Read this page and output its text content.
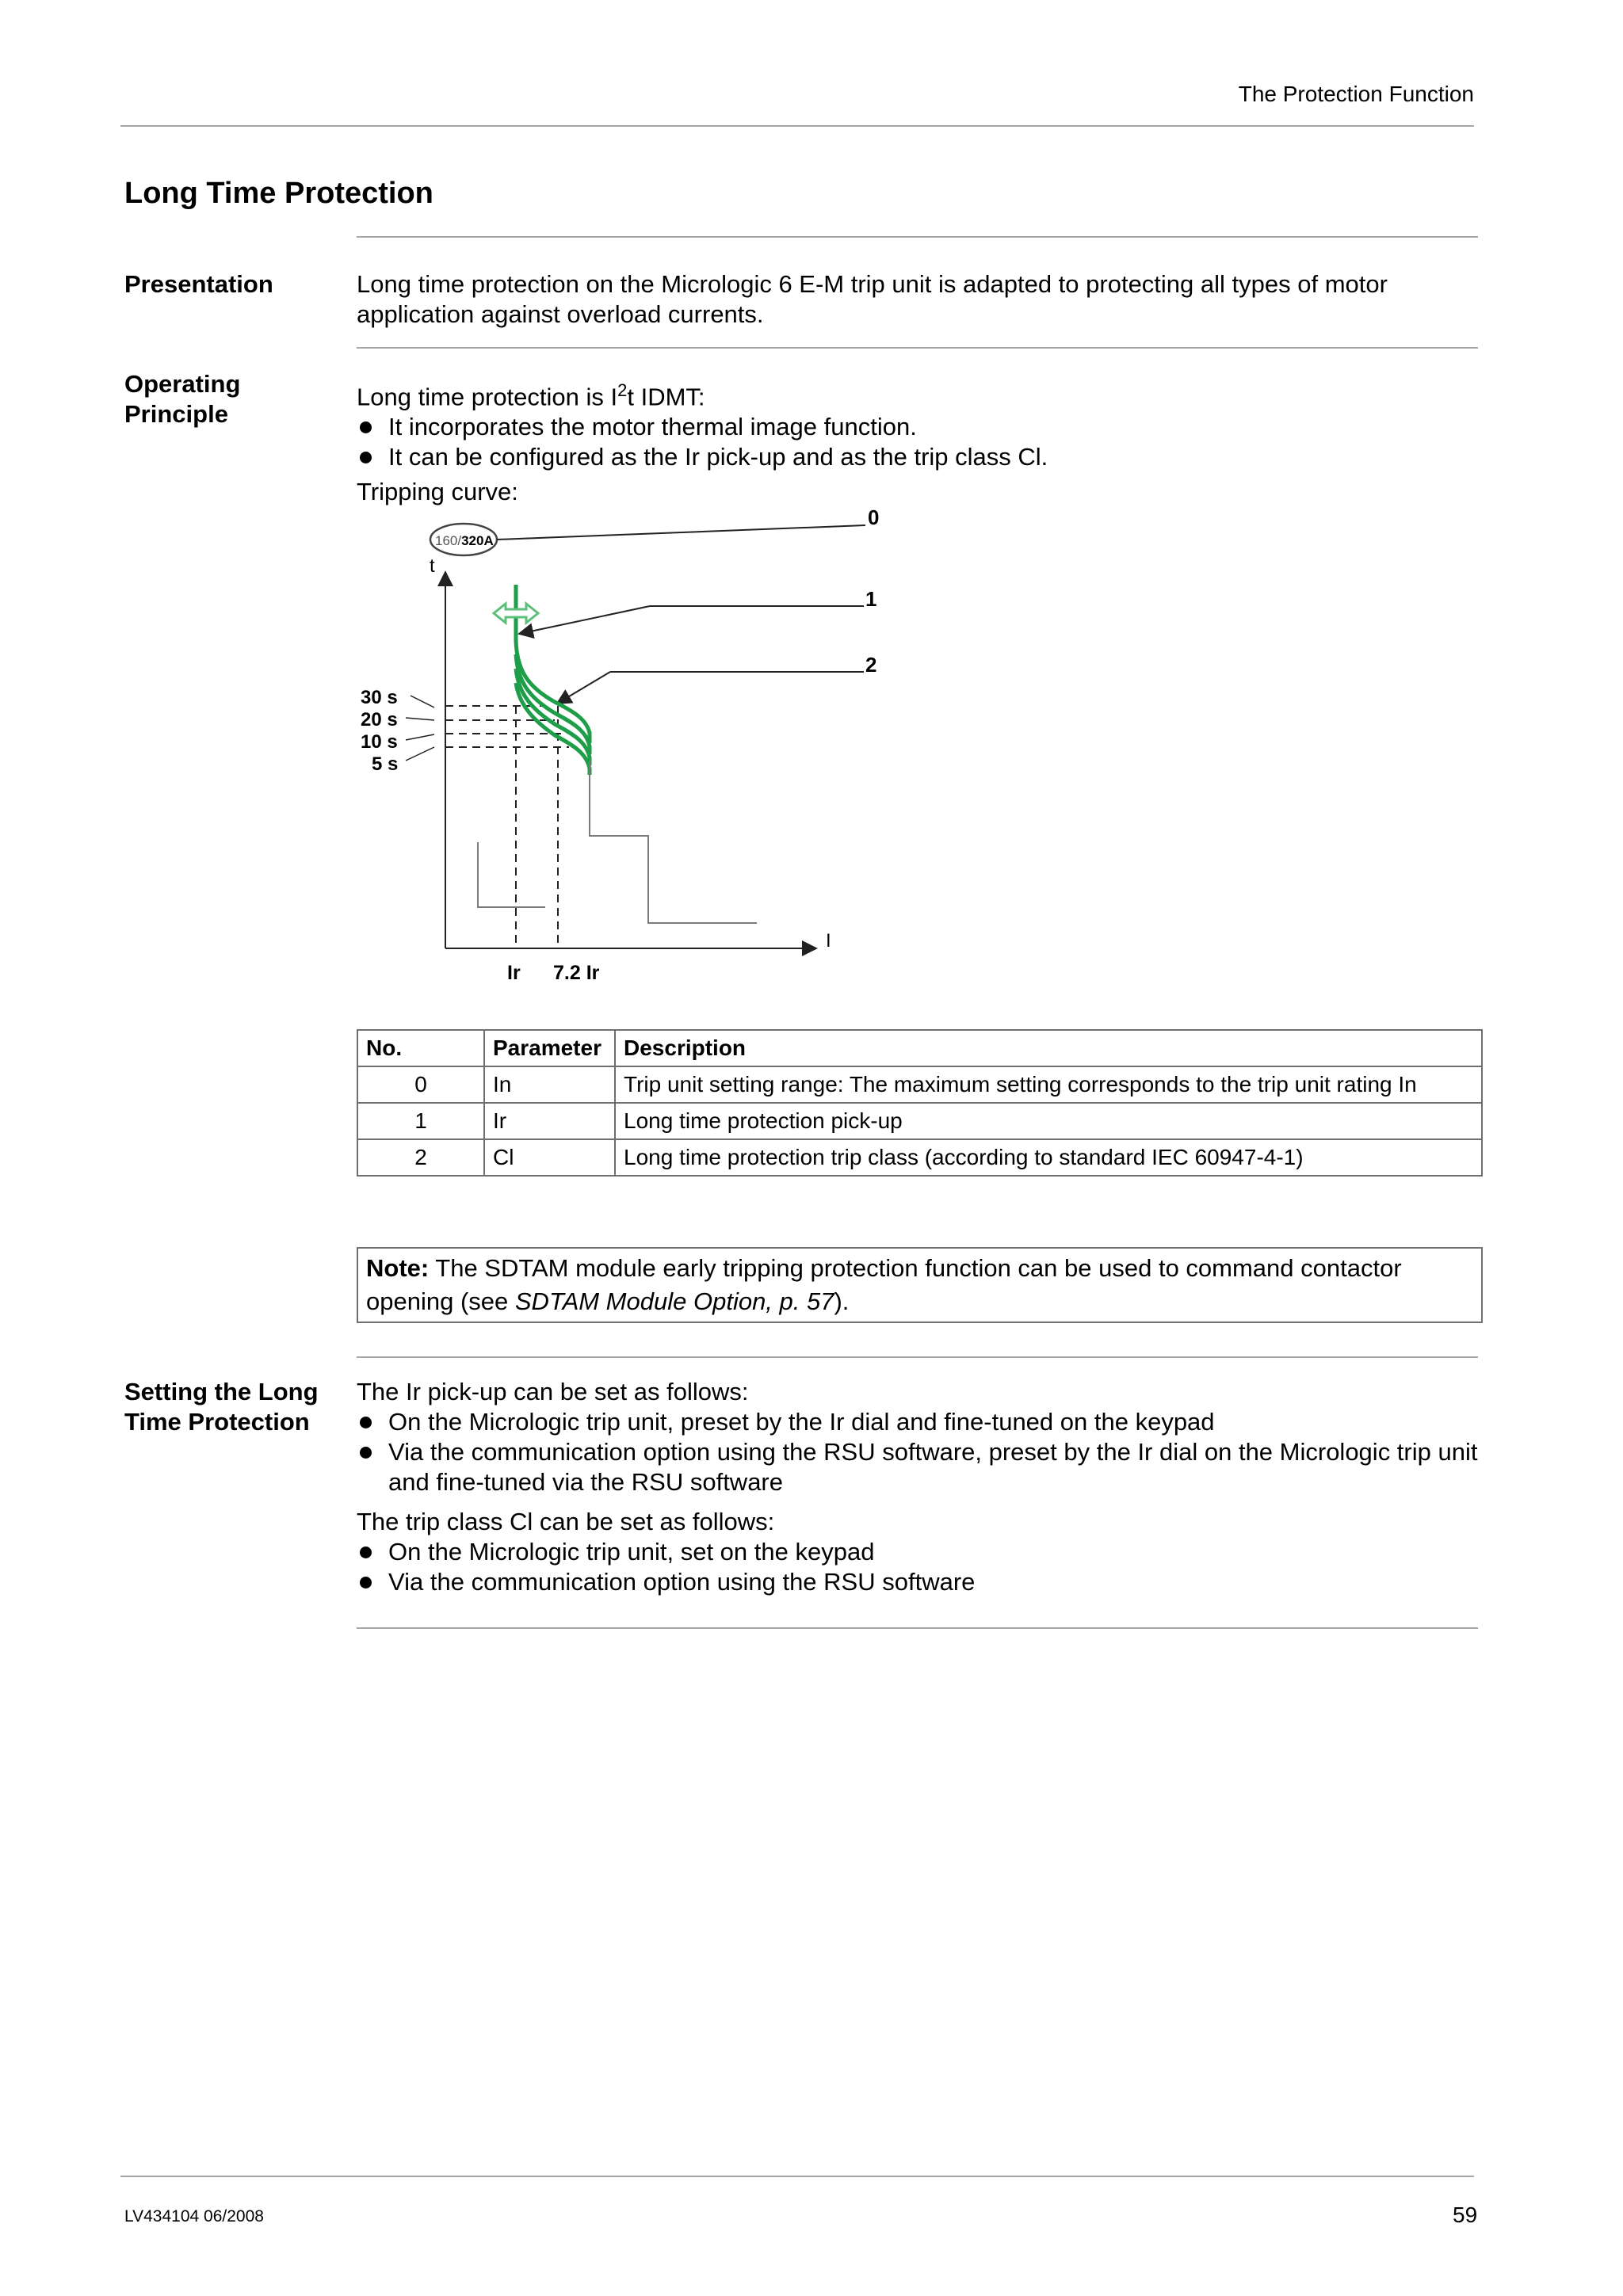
The Protection Function
Long Time Protection
Presentation	Long time protection on the Micrologic 6 E-M trip unit is adapted to protecting all types of motor
application against overload currents.
Operating
Principle
Long time protection is $I^2t$ IDMT:
It incorporates the motor thermal image function.
It can be configured as the Ir pick-up and as the trip class Cl.
Tripping curve:
t
I
160/320A
0
1
2
30 s
20 s
10 s
5 s
Ir 7.2 Ir
No.	Parameter	Description
0	In	Trip unit setting range: The maximum setting corresponds to the trip unit rating In
1	Ir	Long time protection pick-up
2	Cl	Long time protection trip class (according to standard IEC 60947-4-1)
Note: The SDTAM module early tripping protection function can be used to command contactor
opening (see SDTAM Module Option, p. 57).
Setting the Long
Time Protection
The Ir pick-up can be set as follows:
On the Micrologic trip unit, preset by the Ir dial and fine-tuned on the keypad
Via the communication option using the RSU software, preset by the Ir dial on the Micrologic trip unit
and fine-tuned via the RSU software
The trip class Cl can be set as follows:
On the Micrologic trip unit, set on the keypad
Via the communication option using the RSU software
LV434104 06/2008	59
